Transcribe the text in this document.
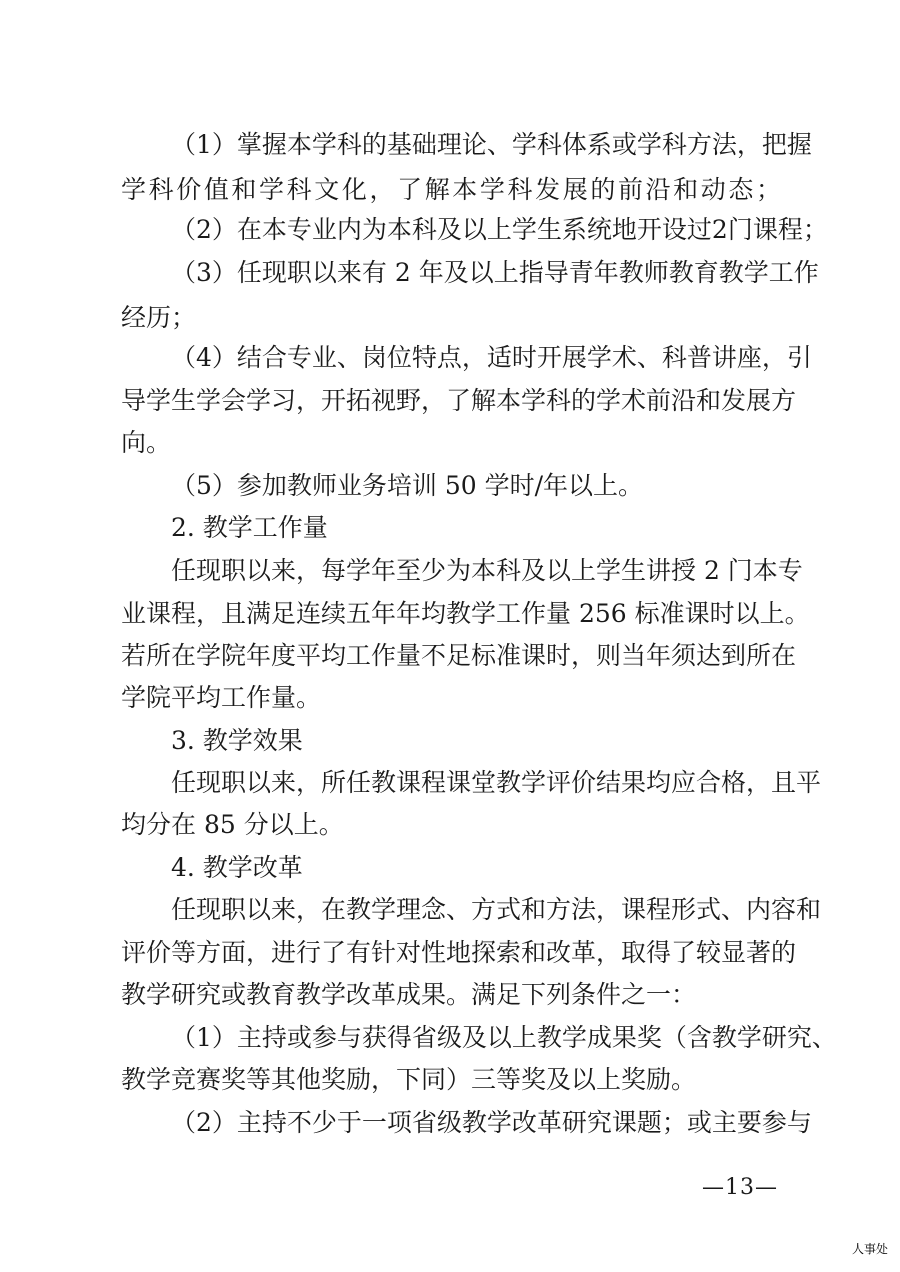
（1）掌握本学科的基础理论、学科体系或学科方法，把握

学科价值和学科文化，了解本学科发展的前沿和动态；

（2）在本专业内为本科及以上学生系统地开设过2门课程；

（3）任现职以来有 2 年及以上指导青年教师教育教学工作

经历；

（4）结合专业、岗位特点，适时开展学术、科普讲座，引

导学生学会学习，开拓视野，了解本学科的学术前沿和发展方

向。

（5）参加教师业务培训 50 学时/年以上。

2. 教学工作量

任现职以来，每学年至少为本科及以上学生讲授 2 门本专

业课程，且满足连续五年年均教学工作量 256 标准课时以上。

若所在学院年度平均工作量不足标准课时，则当年须达到所在

学院平均工作量。

3. 教学效果

任现职以来，所任教课程课堂教学评价结果均应合格，且平

均分在 85 分以上。

4. 教学改革

任现职以来，在教学理念、方式和方法，课程形式、内容和

评价等方面，进行了有针对性地探索和改革，取得了较显著的

教学研究或教育教学改革成果。满足下列条件之一：

（1）主持或参与获得省级及以上教学成果奖（含教学研究、

教学竞赛奖等其他奖励，下同）三等奖及以上奖励。

（2）主持不少于一项省级教学改革研究课题；或主要参与

—13—
人事处
